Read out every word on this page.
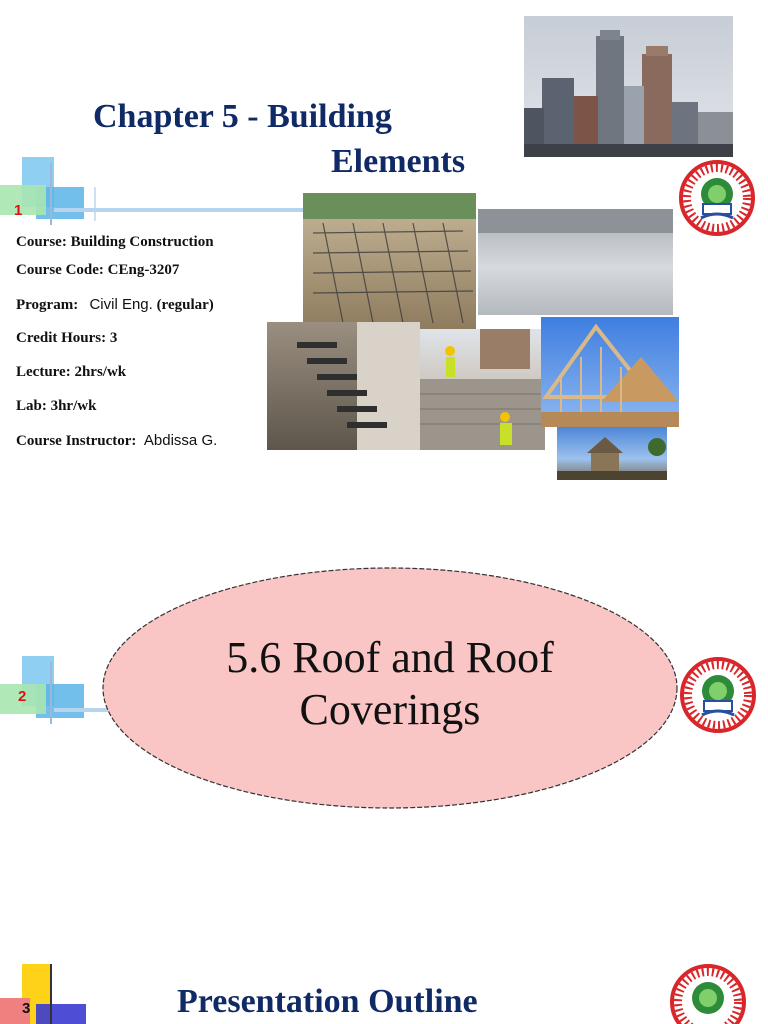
1
Chapter 5 - Building
Elements
Course: Building Construction
Course Code: CEng-3207
Program: Civil Eng. (regular)
Credit Hours: 3
Lecture: 2hrs/wk
Lab: 3hr/wk
Course Instructor: Abdissa G.
2
5.6 Roof and Roof
Coverings
3	Presentation Outline
